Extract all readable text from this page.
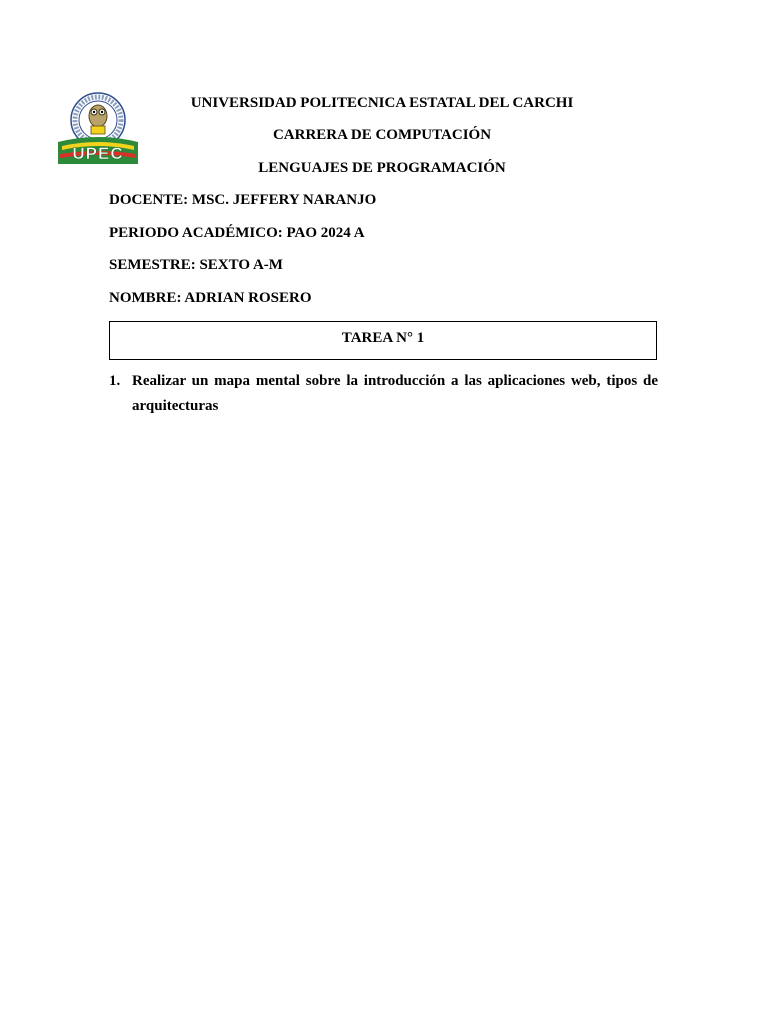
UPEC
UNIVERSIDAD POLITECNICA ESTATAL DEL CARCHI
CARRERA DE COMPUTACIÓN
LENGUAJES DE PROGRAMACIÓN
DOCENTE: MSC. JEFFERY NARANJO
PERIODO ACADÉMICO: PAO 2024 A
SEMESTRE: SEXTO A-M
NOMBRE: ADRIAN ROSERO
TAREA N° 1
1. Realizar un mapa mental sobre la introducción a las aplicaciones web, tipos de
arquitecturas
